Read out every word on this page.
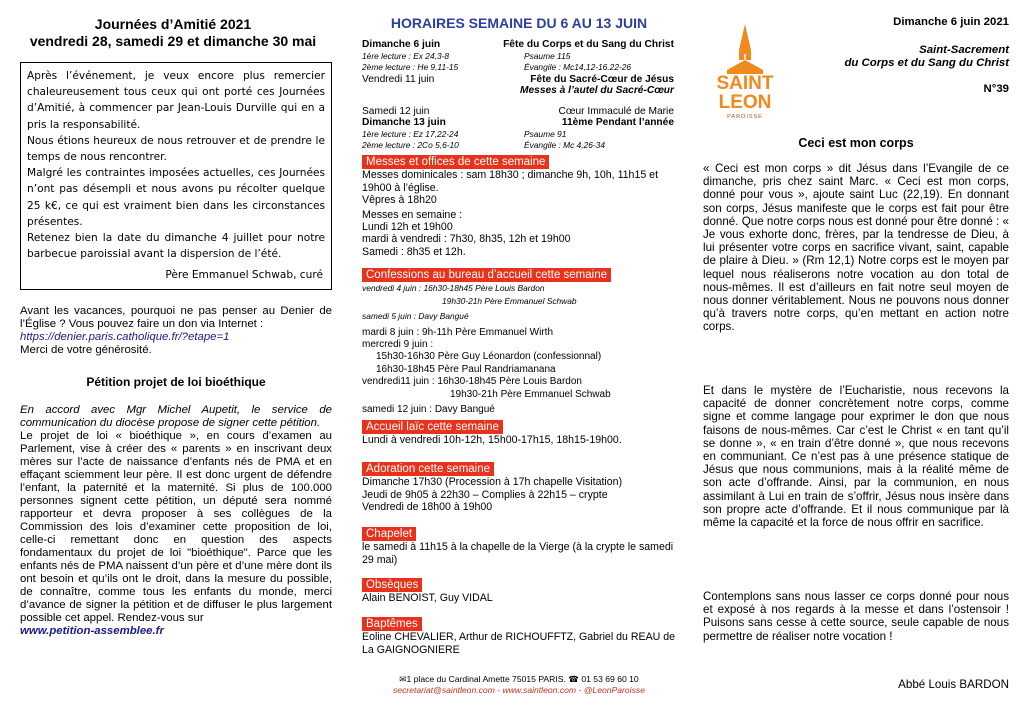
Journées d’Amitié 2021
vendredi 28, samedi 29 et dimanche 30 mai

Après l’événement, je veux encore plus remercier chaleureusement tous ceux qui ont porté ces Journées d’Amitié, à commencer par Jean-Louis Durville qui en a pris la responsabilité.

Nous étions heureux de nous retrouver et de prendre le temps de nous rencontrer.

Malgré les contraintes imposées actuelles, ces Journées n’ont pas désempli et nous avons pu récolter quelque 25 k€, ce qui est vraiment bien dans les circonstances présentes.

Retenez bien la date du dimanche 4 juillet pour notre barbecue paroissial avant la dispersion de l’été.

Père Emmanuel Schwab, curé
Avant les vacances, pourquoi ne pas penser au Denier de l’Église ? Vous pouvez faire un don via Internet :
https://denier.paris.catholique.fr/?etape=1
Merci de votre générosité.
Pétition projet de loi bioéthique
En accord avec Mgr Michel Aupetit, le service de communication du diocèse propose de signer cette pétition.
Le projet de loi « bioéthique », en cours d’examen au Parlement, vise à créer des « parents » en inscrivant deux mères sur l’acte de naissance d’enfants nés de PMA et en effaçant sciemment leur père. Il est donc urgent de défendre l’enfant, la paternité et la maternité. Si plus de 100.000 personnes signent cette pétition, un député sera nommé rapporteur et devra proposer à ses collègues de la Commission des lois d’examiner cette proposition de loi, celle-ci remettant donc en question des aspects fondamentaux du projet de loi "bioéthique". Parce que les enfants nés de PMA naissent d’un père et d’une mère dont ils ont besoin et qu’ils ont le droit, dans la mesure du possible, de connaître, comme tous les enfants du monde, merci d’avance de signer la pétition et de diffuser le plus largement possible cet appel. Rendez-vous sur
www.petition-assemblee.fr
HORAIRES SEMAINE DU 6 AU 13 JUIN
Dimanche 6 juin	Fête du Corps et du Sang du Christ
1ère lecture : Ex 24,3-8	Psaume 115
2ème lecture : He 9,11-15	Évangile : Mc14,12-16.22-26
Vendredi 11 juin	Fête du Sacré-Cœur de Jésus
Messes à l’autel du Sacré-Cœur
Samedi 12 juin	Cœur Immaculé de Marie
Dimanche 13 juin	11ème Pendant l’année
1ère lecture : Ez 17,22-24	Psaume 91
2ème lecture : 2Co 5,6-10	Évangile : Mc 4,26-34
Messes et offices de cette semaine
Messes dominicales : sam 18h30 ; dimanche 9h, 10h, 11h15 et 19h00 à l’église.
Vêpres à 18h20
Messes en semaine :
Lundi 12h et 19h00
mardi à vendredi : 7h30, 8h35, 12h et 19h00
Samedi : 8h35 et 12h.
Confessions au bureau d’accueil cette semaine
vendredi 4 juin : 16h30-18h45 Père Louis Bardon
19h30-21h Père Emmanuel Schwab
samedi 5 juin : Davy Bangué
mardi 8 juin : 9h-11h Père Emmanuel Wirth
mercredi 9 juin :
15h30-16h30 Père Guy Léonardon (confessionnal)
16h30-18h45 Père Paul Randriamanana
vendredi11 juin : 16h30-18h45 Père Louis Bardon
19h30-21h Père Emmanuel Schwab
samedi 12 juin : Davy Bangué
Accueil laïc cette semaine
Lundi à vendredi 10h-12h, 15h00-17h15, 18h15-19h00.
Adoration cette semaine
Dimanche 17h30 (Procession à 17h chapelle Visitation)
Jeudi de 9h05 à 22h30 – Complies à 22h15 – crypte
Vendredi de 18h00 à 19h00
Chapelet
le samedi à 11h15 à la chapelle de la Vierge (à la crypte le samedi 29 mai)
Obsèques
Alain BENOIST, Guy VIDAL
Baptêmes
Eoline CHEVALIER, Arthur de RICHOUFFTZ, Gabriel du REAU de La GAIGNOGNIERE
✉1 place du Cardinal Amette 75015 PARIS. ☎ 01 53 69 60 10
secretariat@saintleon.com - www.saintleon.com - @LeonParoisse
SAINT
LEON
PAROISSE
Dimanche 6 juin 2021
Saint-Sacrement
du Corps et du Sang du Christ
N°39
Ceci est mon corps
« Ceci est mon corps » dit Jésus dans l’Evangile de ce dimanche, pris chez saint Marc. « Ceci est mon corps, donné pour vous », ajoute saint Luc (22,19). En donnant son corps, Jésus manifeste que le corps est fait pour être donné. Que notre corps nous est donné pour être donné : « Je vous exhorte donc, frères, par la tendresse de Dieu, à lui présenter votre corps en sacrifice vivant, saint, capable de plaire à Dieu. » (Rm 12,1) Notre corps est le moyen par lequel nous réaliserons notre vocation au don total de nous-mêmes. Il est d’ailleurs en fait notre seul moyen de nous donner véritablement. Nous ne pouvons nous donner qu’à travers notre corps, qu’en mettant en action notre corps.
Et dans le mystère de l’Eucharistie, nous recevons la capacité de donner concrètement notre corps, comme signe et comme langage pour exprimer le don que nous faisons de nous-mêmes. Car c’est le Christ « en tant qu’il se donne », « en train d’être donné », que nous recevons en communiant. Ce n’est pas à une présence statique de Jésus que nous communions, mais à la réalité même de son acte d’offrande. Ainsi, par la communion, en nous assimilant à Lui en train de s’offrir, Jésus nous insère dans son propre acte d’offrande. Et il nous communique par là même la capacité et la force de nous offrir en sacrifice.
Contemplons sans nous lasser ce corps donné pour nous et exposé à nos regards à la messe et dans l’ostensoir ! Puisons sans cesse à cette source, seule capable de nous permettre de réaliser notre vocation !
Abbé Louis BARDON
